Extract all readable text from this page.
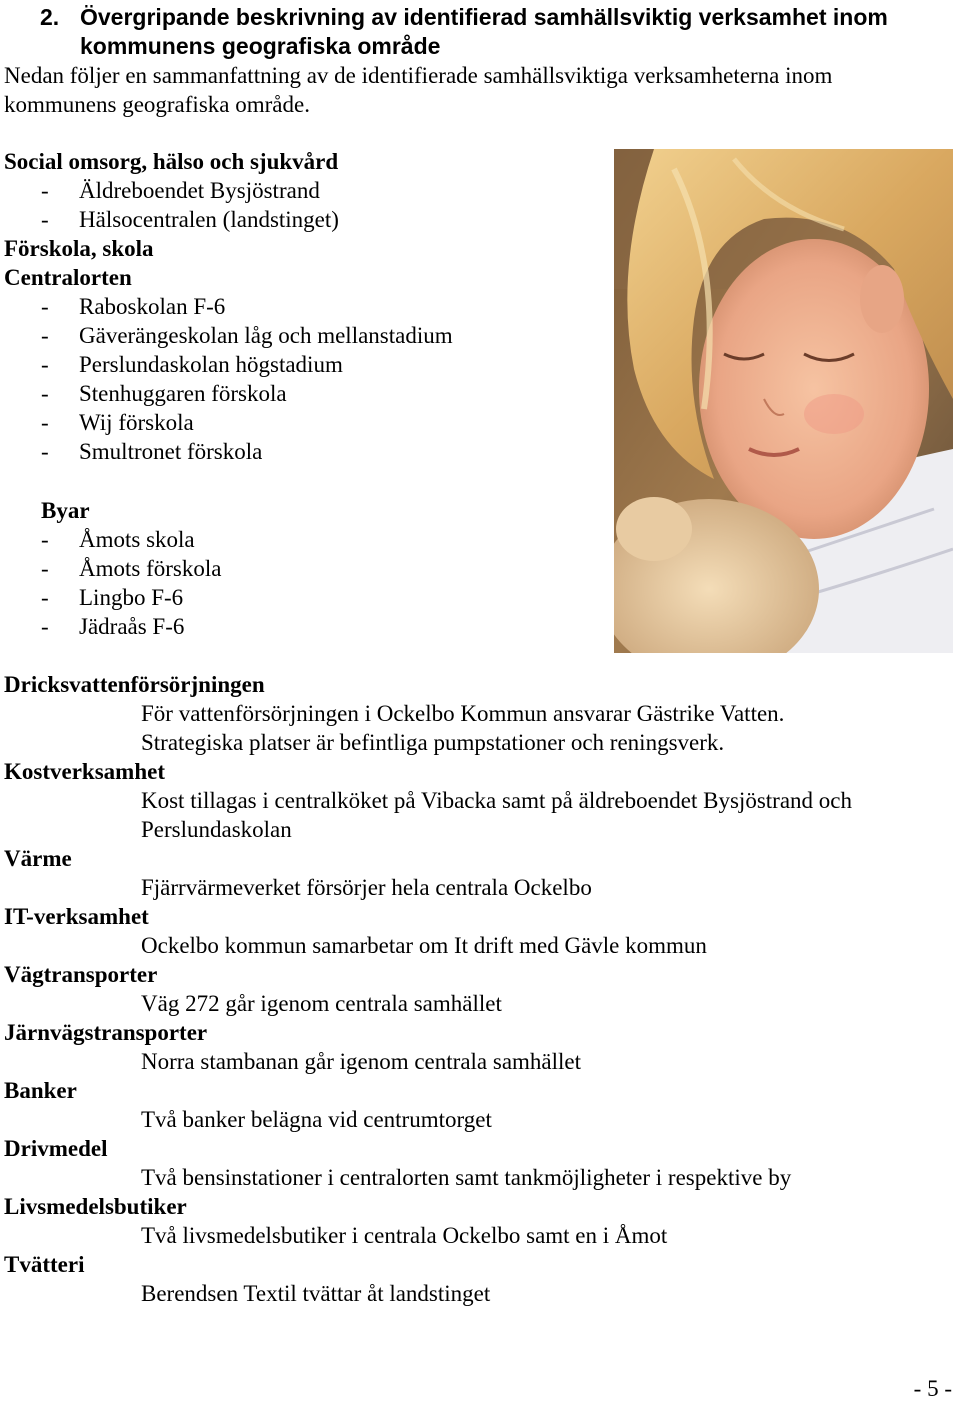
2. Övergripande beskrivning av identifierad samhällsviktig verksamhet inom kommunens geografiska område
Nedan följer en sammanfattning av de identifierade samhällsviktiga verksamheterna inom kommunens geografiska område.
Social omsorg, hälso och sjukvård
- Äldreboendet Bysjöstrand
- Hälsocentralen (landstinget)
Förskola, skola
Centralorten
- Raboskolan F-6
- Gäverängeskolan låg och mellanstadium
- Perslundaskolan högstadium
- Stenhuggaren förskola
- Wij förskola
- Smultronet förskola
Byar
- Åmots skola
- Åmots förskola
- Lingbo F-6
- Jädraås F-6
Dricksvattenförsörjningen
För vattenförsörjningen i Ockelbo Kommun ansvarar Gästrike Vatten.
Strategiska platser är befintliga pumpstationer och reningsverk.
Kostverksamhet
Kost tillagas i centralköket på Vibacka samt på äldreboendet Bysjöstrand och
Perslundaskolan
Värme
Fjärrvärmeverket försörjer hela centrala Ockelbo
IT-verksamhet
Ockelbo kommun samarbetar om It drift med Gävle kommun
Vägtransporter
Väg 272 går igenom centrala samhället
Järnvägstransporter
Norra stambanan går igenom centrala samhället
Banker
Två banker belägna vid centrumtorget
Drivmedel
Två bensinstationer i centralorten samt tankmöjligheter i respektive by
Livsmedelsbutiker
Två livsmedelsbutiker i centrala Ockelbo samt en i Åmot
Tvätteri
Berendsen Textil tvättar åt landstinget
- 5 -
